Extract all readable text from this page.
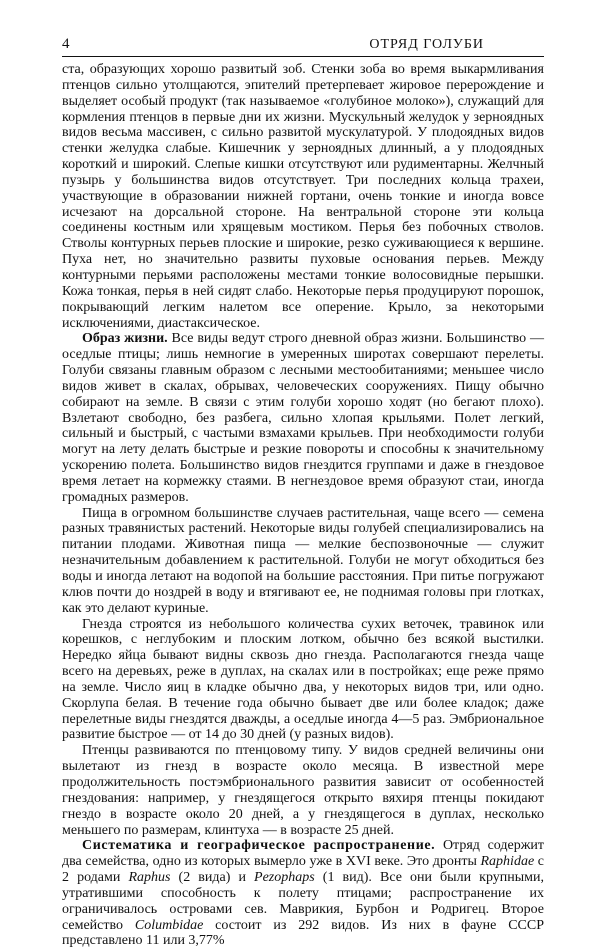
4	ОТРЯД ГОЛУБИ

ста, образующих хорошо развитый зоб. Стенки зоба во время выкармливания птенцов сильно утолщаются, эпителий претерпевает жировое перерождение и выделяет особый продукт (так называемое «голубиное молоко»), служащий для кормления птенцов в первые дни их жизни. Мускульный желудок у зерноядных видов весьма массивен, с сильно развитой мускулатурой. У плодоядных видов стенки желудка слабые. Кишечник у зерноядных длинный, а у плодоядных короткий и широкий. Слепые кишки отсутствуют или рудиментарны. Желчный пузырь у большинства видов отсутствует. Три последних кольца трахеи, участвующие в образовании нижней гортани, очень тонкие и иногда вовсе исчезают на дорсальной стороне. На вентральной стороне эти кольца соединены костным или хрящевым мостиком. Перья без побочных стволов. Стволы контурных перьев плоские и широкие, резко суживающиеся к вершине. Пуха нет, но значительно развиты пуховые основания перьев. Между контурными перьями расположены местами тонкие волосовидные перышки. Кожа тонкая, перья в ней сидят слабо. Некоторые перья продуцируют порошок, покрывающий легким налетом все оперение. Крыло, за некоторыми исключениями, диастаксическое.

Образ жизни. Все виды ведут строго дневной образ жизни. Большинство — оседлые птицы; лишь немногие в умеренных широтах совершают перелеты. Голуби связаны главным образом с лесными местообитаниями; меньшее число видов живет в скалах, обрывах, человеческих сооружениях. Пищу обычно собирают на земле. В связи с этим голуби хорошо ходят (но бегают плохо). Взлетают свободно, без разбега, сильно хлопая крыльями. Полет легкий, сильный и быстрый, с частыми взмахами крыльев. При необходимости голуби могут на лету делать быстрые и резкие повороты и способны к значительному ускорению полета. Большинство видов гнездится группами и даже в гнездовое время летает на кормежку стаями. В негнездовое время образуют стаи, иногда громадных размеров.

Пища в огромном большинстве случаев растительная, чаще всего — семена разных травянистых растений. Некоторые виды голубей специализировались на питании плодами. Животная пища — мелкие беспозвоночные — служит незначительным добавлением к растительной. Голуби не могут обходиться без воды и иногда летают на водопой на большие расстояния. При питье погружают клюв почти до ноздрей в воду и втягивают ее, не поднимая головы при глотках, как это делают куриные.

Гнезда строятся из небольшого количества сухих веточек, травинок или корешков, с неглубоким и плоским лотком, обычно без всякой выстилки. Нередко яйца бывают видны сквозь дно гнезда. Располагаются гнезда чаще всего на деревьях, реже в дуплах, на скалах или в постройках; еще реже прямо на земле. Число яиц в кладке обычно два, у некоторых видов три, или одно. Скорлупа белая. В течение года обычно бывает две или более кладок; даже перелетные виды гнездятся дважды, а оседлые иногда 4—5 раз. Эмбриональное развитие быстрое — от 14 до 30 дней (у разных видов).

Птенцы развиваются по птенцовому типу. У видов средней величины они вылетают из гнезд в возрасте около месяца. В известной мере продолжительность постэмбрионального развития зависит от особенностей гнездования: например, у гнездящегося открыто вяхиря птенцы покидают гнездо в возрасте около 20 дней, а у гнездящегося в дуплах, несколько меньшего по размерам, клинтуха — в возрасте 25 дней.

Систематика и географическое распространение. Отряд содержит два семейства, одно из которых вымерло уже в XVI веке. Это дронты Raphidae с 2 родами Raphus (2 вида) и Pezophaps (1 вид). Все они были крупными, утратившими способность к полету птицами; распространение их ограничивалось островами сев. Маврикия, Бурбон и Родригец. Второе семейство Columbidae состоит из 292 видов. Из них в фауне СССР представлено 11 или 3,77%
